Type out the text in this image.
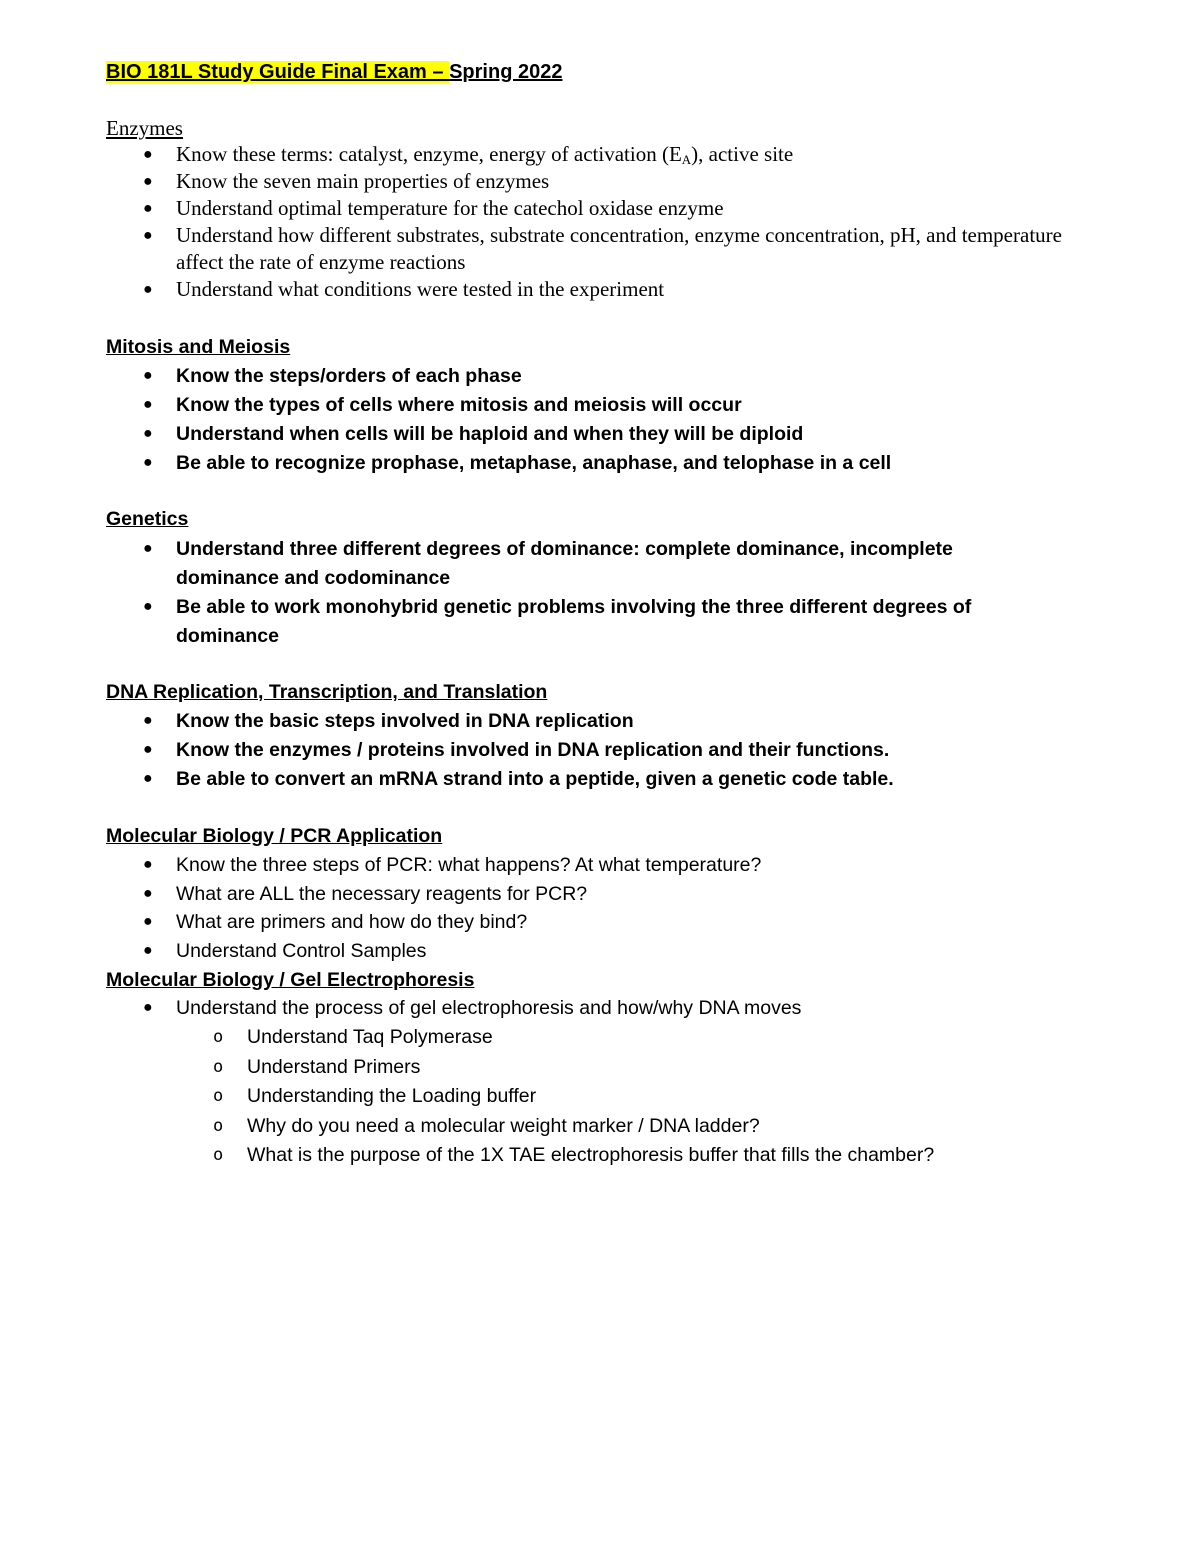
BIO 181L Study Guide Final Exam – Spring 2022
Enzymes
● Know these terms: catalyst, enzyme, energy of activation $(E_A)$, active site
● Know the seven main properties of enzymes
● Understand optimal temperature for the catechol oxidase enzyme
● Understand how different substrates, substrate concentration, enzyme concentration, pH, and temperature affect the rate of enzyme reactions
● Understand what conditions were tested in the experiment
Mitosis and Meiosis
● Know the steps/orders of each phase
● Know the types of cells where mitosis and meiosis will occur
● Understand when cells will be haploid and when they will be diploid
● Be able to recognize prophase, metaphase, anaphase, and telophase in a cell
Genetics
● Understand three different degrees of dominance: complete dominance, incomplete dominance and codominance
● Be able to work monohybrid genetic problems involving the three different degrees of dominance
DNA Replication, Transcription, and Translation
● Know the basic steps involved in DNA replication
● Know the enzymes / proteins involved in DNA replication and their functions.
● Be able to convert an mRNA strand into a peptide, given a genetic code table.
Molecular Biology / PCR Application
● Know the three steps of PCR: what happens? At what temperature?
● What are ALL the necessary reagents for PCR?
● What are primers and how do they bind?
● Understand Control Samples
Molecular Biology / Gel Electrophoresis
● Understand the process of gel electrophoresis and how/why DNA moves
o Understand Taq Polymerase
o Understand Primers
o Understanding the Loading buffer
o Why do you need a molecular weight marker / DNA ladder?
o What is the purpose of the 1X TAE electrophoresis buffer that fills the chamber?
